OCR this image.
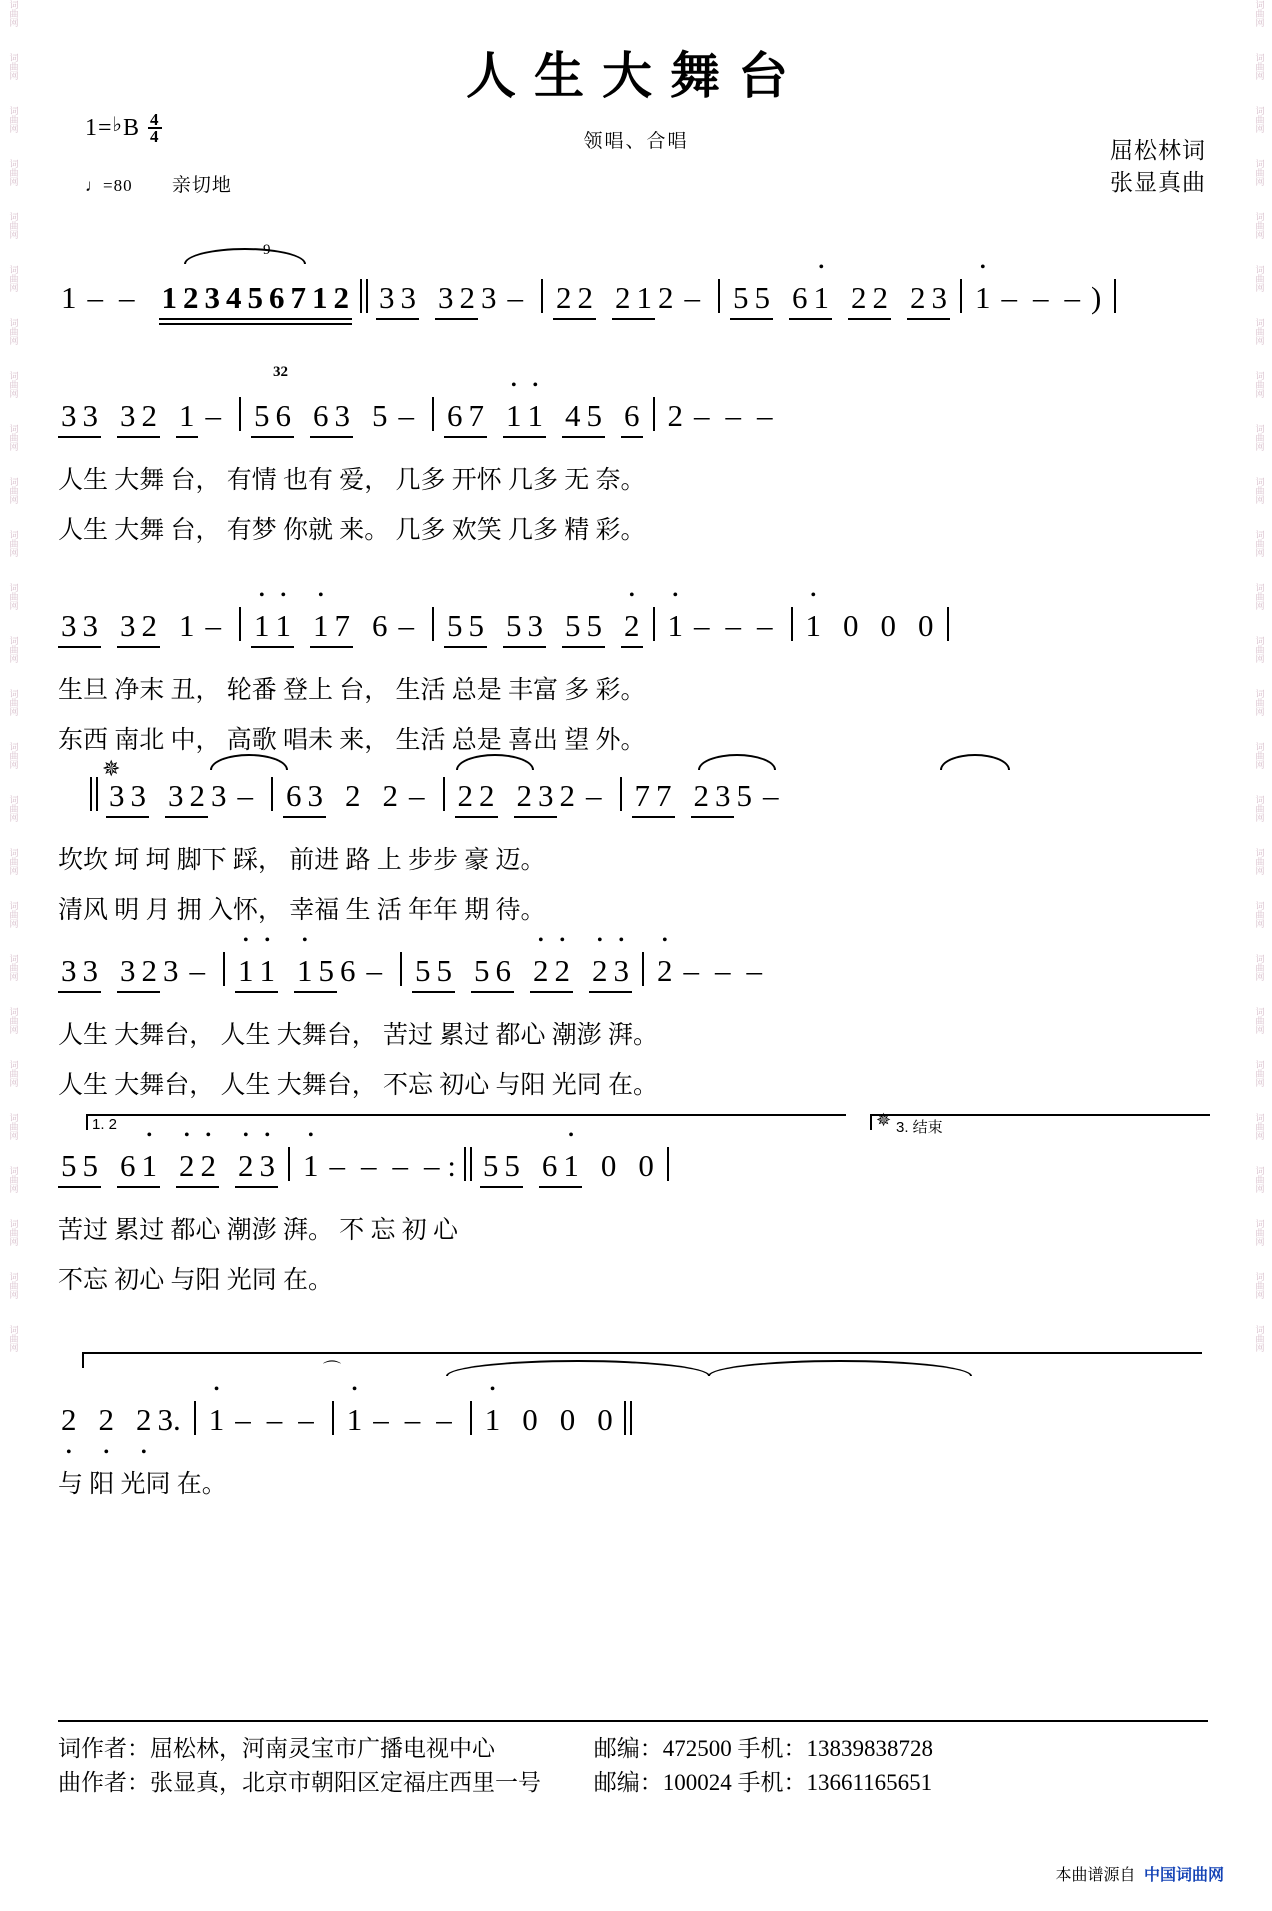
词曲网
词曲网
词曲网
词曲网
词曲网
词曲网
词曲网
词曲网
词曲网
词曲网
词曲网
词曲网
词曲网
词曲网
词曲网
词曲网
词曲网
词曲网
词曲网
词曲网
词曲网
词曲网
词曲网
词曲网
词曲网
词曲网
词曲网
词曲网
词曲网
词曲网
词曲网
词曲网
词曲网
词曲网
词曲网
词曲网
词曲网
词曲网
词曲网
词曲网
词曲网
词曲网
词曲网
词曲网
词曲网
词曲网
词曲网
词曲网
词曲网
词曲网
词曲网
词曲网
人生大舞台
领唱、合唱
1= ♭ B $\frac{4}{4}$
♩=80 亲切地
屈松林词
张显真曲
9
1 – – 1 2 3 4 5 6 7 1 2 3 3 3 2 3 – 2 2 2 1 2 – 5 5 6 • 1 2 2 2 3 • 1 – – – )
32
3 3 3 2 1 – 5 6 6 3 5 – 6 7 • 1 • 1 4 5 6 2 – – –
人生 大舞 台， 有情 也有 爱， 几多 开怀 几多 无 奈。
人生 大舞 台， 有梦 你就 来。 几多 欢笑 几多 精 彩。
3 3 3 2 1 – • 1 • 1 • 1 7 6 – 5 5 5 3 5 5 • 2 • 1 – – – • 1 0 0 0
生旦 净末 丑， 轮番 登上 台， 生活 总是 丰富 多 彩。
东西 南北 中， 高歌 唱未 来， 生活 总是 喜出 望 外。
✵
3 3 3 2 3 – 6 3 2 2 – 2 2 2 3 2 – 7 7 2 3 5 –
坎坎 坷 坷 脚下 踩， 前进 路 上 步步 豪 迈。
清风 明 月 拥 入怀， 幸福 生 活 年年 期 待。
3 3 3 2 3 – • 1 • 1 • 1 5 6 – 5 5 5 6 • 2 • 2 • 2 • 3 • 2 – – –
人生 大舞台， 人生 大舞台， 苦过 累过 都心 潮澎 湃。
人生 大舞台， 人生 大舞台， 不忘 初心 与阳 光同 在。
1. 2	✵ 3. 结束
5 5 6 • 1 • 2 • 2 • 2 • 3 • 1 – – – – : 5 5 6 • 1 0 0
苦过 累过 都心 潮澎 湃。 不 忘 初 心
不忘 初心 与阳 光同 在。
⌒
2 • 2 • 2 • 3. • 1 – – – • 1 – – – • 1 0 0 0
与 阳 光同 在。
词作者：屈松林，河南灵宝市广播电视中心	邮编：472500 手机：13839838728
曲作者：张显真，北京市朝阳区定福庄西里一号 邮编：100024 手机：13661165651
本曲谱源自 中国词曲网
